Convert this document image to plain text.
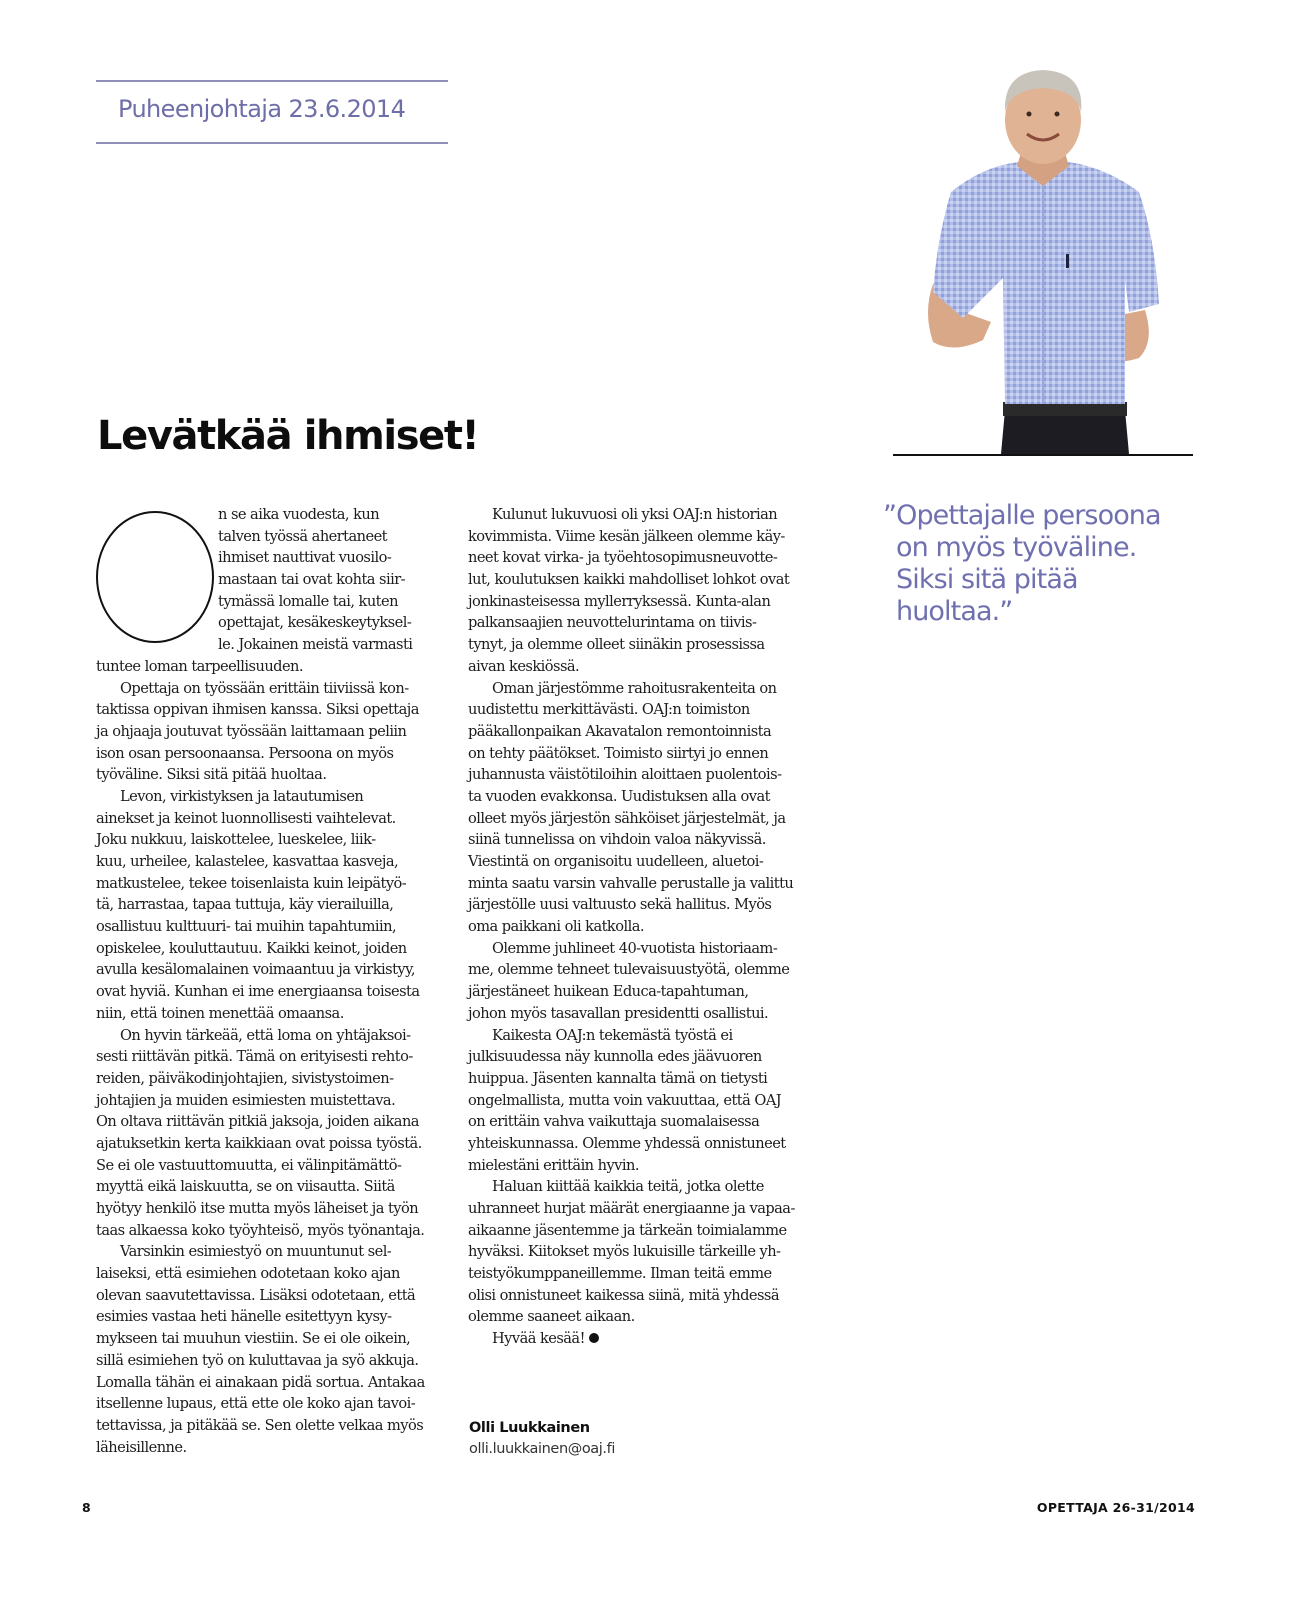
Puheenjohtaja 23.6.2014
Levätkää ihmiset!
”Opettajalle persoona
on myös työväline.
Siksi sitä pitää
huoltaa.”
n se aika vuodesta, kun
talven työssä ahertaneet
ihmiset nauttivat vuosilo-
mastaan tai ovat kohta siir-
tymässä lomalle tai, kuten
opettajat, kesäkeskeytyksel-
le. Jokainen meistä varmasti
tuntee loman tarpeellisuuden.
Opettaja on työssään erittäin tiiviissä kon-
taktissa oppivan ihmisen kanssa. Siksi opettaja
ja ohjaaja joutuvat työssään laittamaan peliin
ison osan persoonaansa. Persoona on myös
työväline. Siksi sitä pitää huoltaa.
Levon, virkistyksen ja latautumisen
ainekset ja keinot luonnollisesti vaihtelevat.
Joku nukkuu, laiskottelee, lueskelee, liik-
kuu, urheilee, kalastelee, kasvattaa kasveja,
matkustelee, tekee toisenlaista kuin leipätyö-
tä, harrastaa, tapaa tuttuja, käy vierailuilla,
osallistuu kulttuuri- tai muihin tapahtumiin,
opiskelee, kouluttautuu. Kaikki keinot, joiden
avulla kesälomalainen voimaantuu ja virkistyy,
ovat hyviä. Kunhan ei ime energiaansa toisesta
niin, että toinen menettää omaansa.
On hyvin tärkeää, että loma on yhtäjaksoi-
sesti riittävän pitkä. Tämä on erityisesti rehto-
reiden, päiväkodinjohtajien, sivistystoimen-
johtajien ja muiden esimiesten muistettava.
On oltava riittävän pitkiä jaksoja, joiden aikana
ajatuksetkin kerta kaikkiaan ovat poissa työstä.
Se ei ole vastuuttomuutta, ei välinpitämättö-
myyttä eikä laiskuutta, se on viisautta. Siitä
hyötyy henkilö itse mutta myös läheiset ja työn
taas alkaessa koko työyhteisö, myös työnantaja.
Varsinkin esimiestyö on muuntunut sel-
laiseksi, että esimiehen odotetaan koko ajan
olevan saavutettavissa. Lisäksi odotetaan, että
esimies vastaa heti hänelle esitettyyn kysy-
mykseen tai muuhun viestiin. Se ei ole oikein,
sillä esimiehen työ on kuluttavaa ja syö akkuja.
Lomalla tähän ei ainakaan pidä sortua. Antakaa
itsellenne lupaus, että ette ole koko ajan tavoi-
tettavissa, ja pitäkää se. Sen olette velkaa myös
läheisillenne.
Kulunut lukuvuosi oli yksi OAJ:n historian
kovimmista. Viime kesän jälkeen olemme käy-
neet kovat virka- ja työehtosopimusneuvotte-
lut, koulutuksen kaikki mahdolliset lohkot ovat
jonkinasteisessa myllerryksessä. Kunta-alan
palkansaajien neuvottelurintama on tiivis-
tynyt, ja olemme olleet siinäkin prosessissa
aivan keskiössä.
Oman järjestömme rahoitusrakenteita on
uudistettu merkittävästi. OAJ:n toimiston
pääkallonpaikan Akavatalon remontoinnista
on tehty päätökset. Toimisto siirtyi jo ennen
juhannusta väistötiloihin aloittaen puolentois-
ta vuoden evakkonsa. Uudistuksen alla ovat
olleet myös järjestön sähköiset järjestelmät, ja
siinä tunnelissa on vihdoin valoa näkyvissä.
Viestintä on organisoitu uudelleen, aluetoi-
minta saatu varsin vahvalle perustalle ja valittu
järjestölle uusi valtuusto sekä hallitus. Myös
oma paikkani oli katkolla.
Olemme juhlineet 40-vuotista historiaam-
me, olemme tehneet tulevaisuustyötä, olemme
järjestäneet huikean Educa-tapahtuman,
johon myös tasavallan presidentti osallistui.
Kaikesta OAJ:n tekemästä työstä ei
julkisuudessa näy kunnolla edes jäävuoren
huippua. Jäsenten kannalta tämä on tietysti
ongelmallista, mutta voin vakuuttaa, että OAJ
on erittäin vahva vaikuttaja suomalaisessa
yhteiskunnassa. Olemme yhdessä onnistuneet
mielestäni erittäin hyvin.
Haluan kiittää kaikkia teitä, jotka olette
uhranneet hurjat määrät energiaanne ja vapaa-
aikaanne jäsentemme ja tärkeän toimialamme
hyväksi. Kiitokset myös lukuisille tärkeille yh-
teistyökumppaneillemme. Ilman teitä emme
olisi onnistuneet kaikessa siinä, mitä yhdessä
olemme saaneet aikaan.
Hyvää kesää!
Olli Luukkainen
olli.luukkainen@oaj.fi
8	OPETTAJA 26-31/2014
